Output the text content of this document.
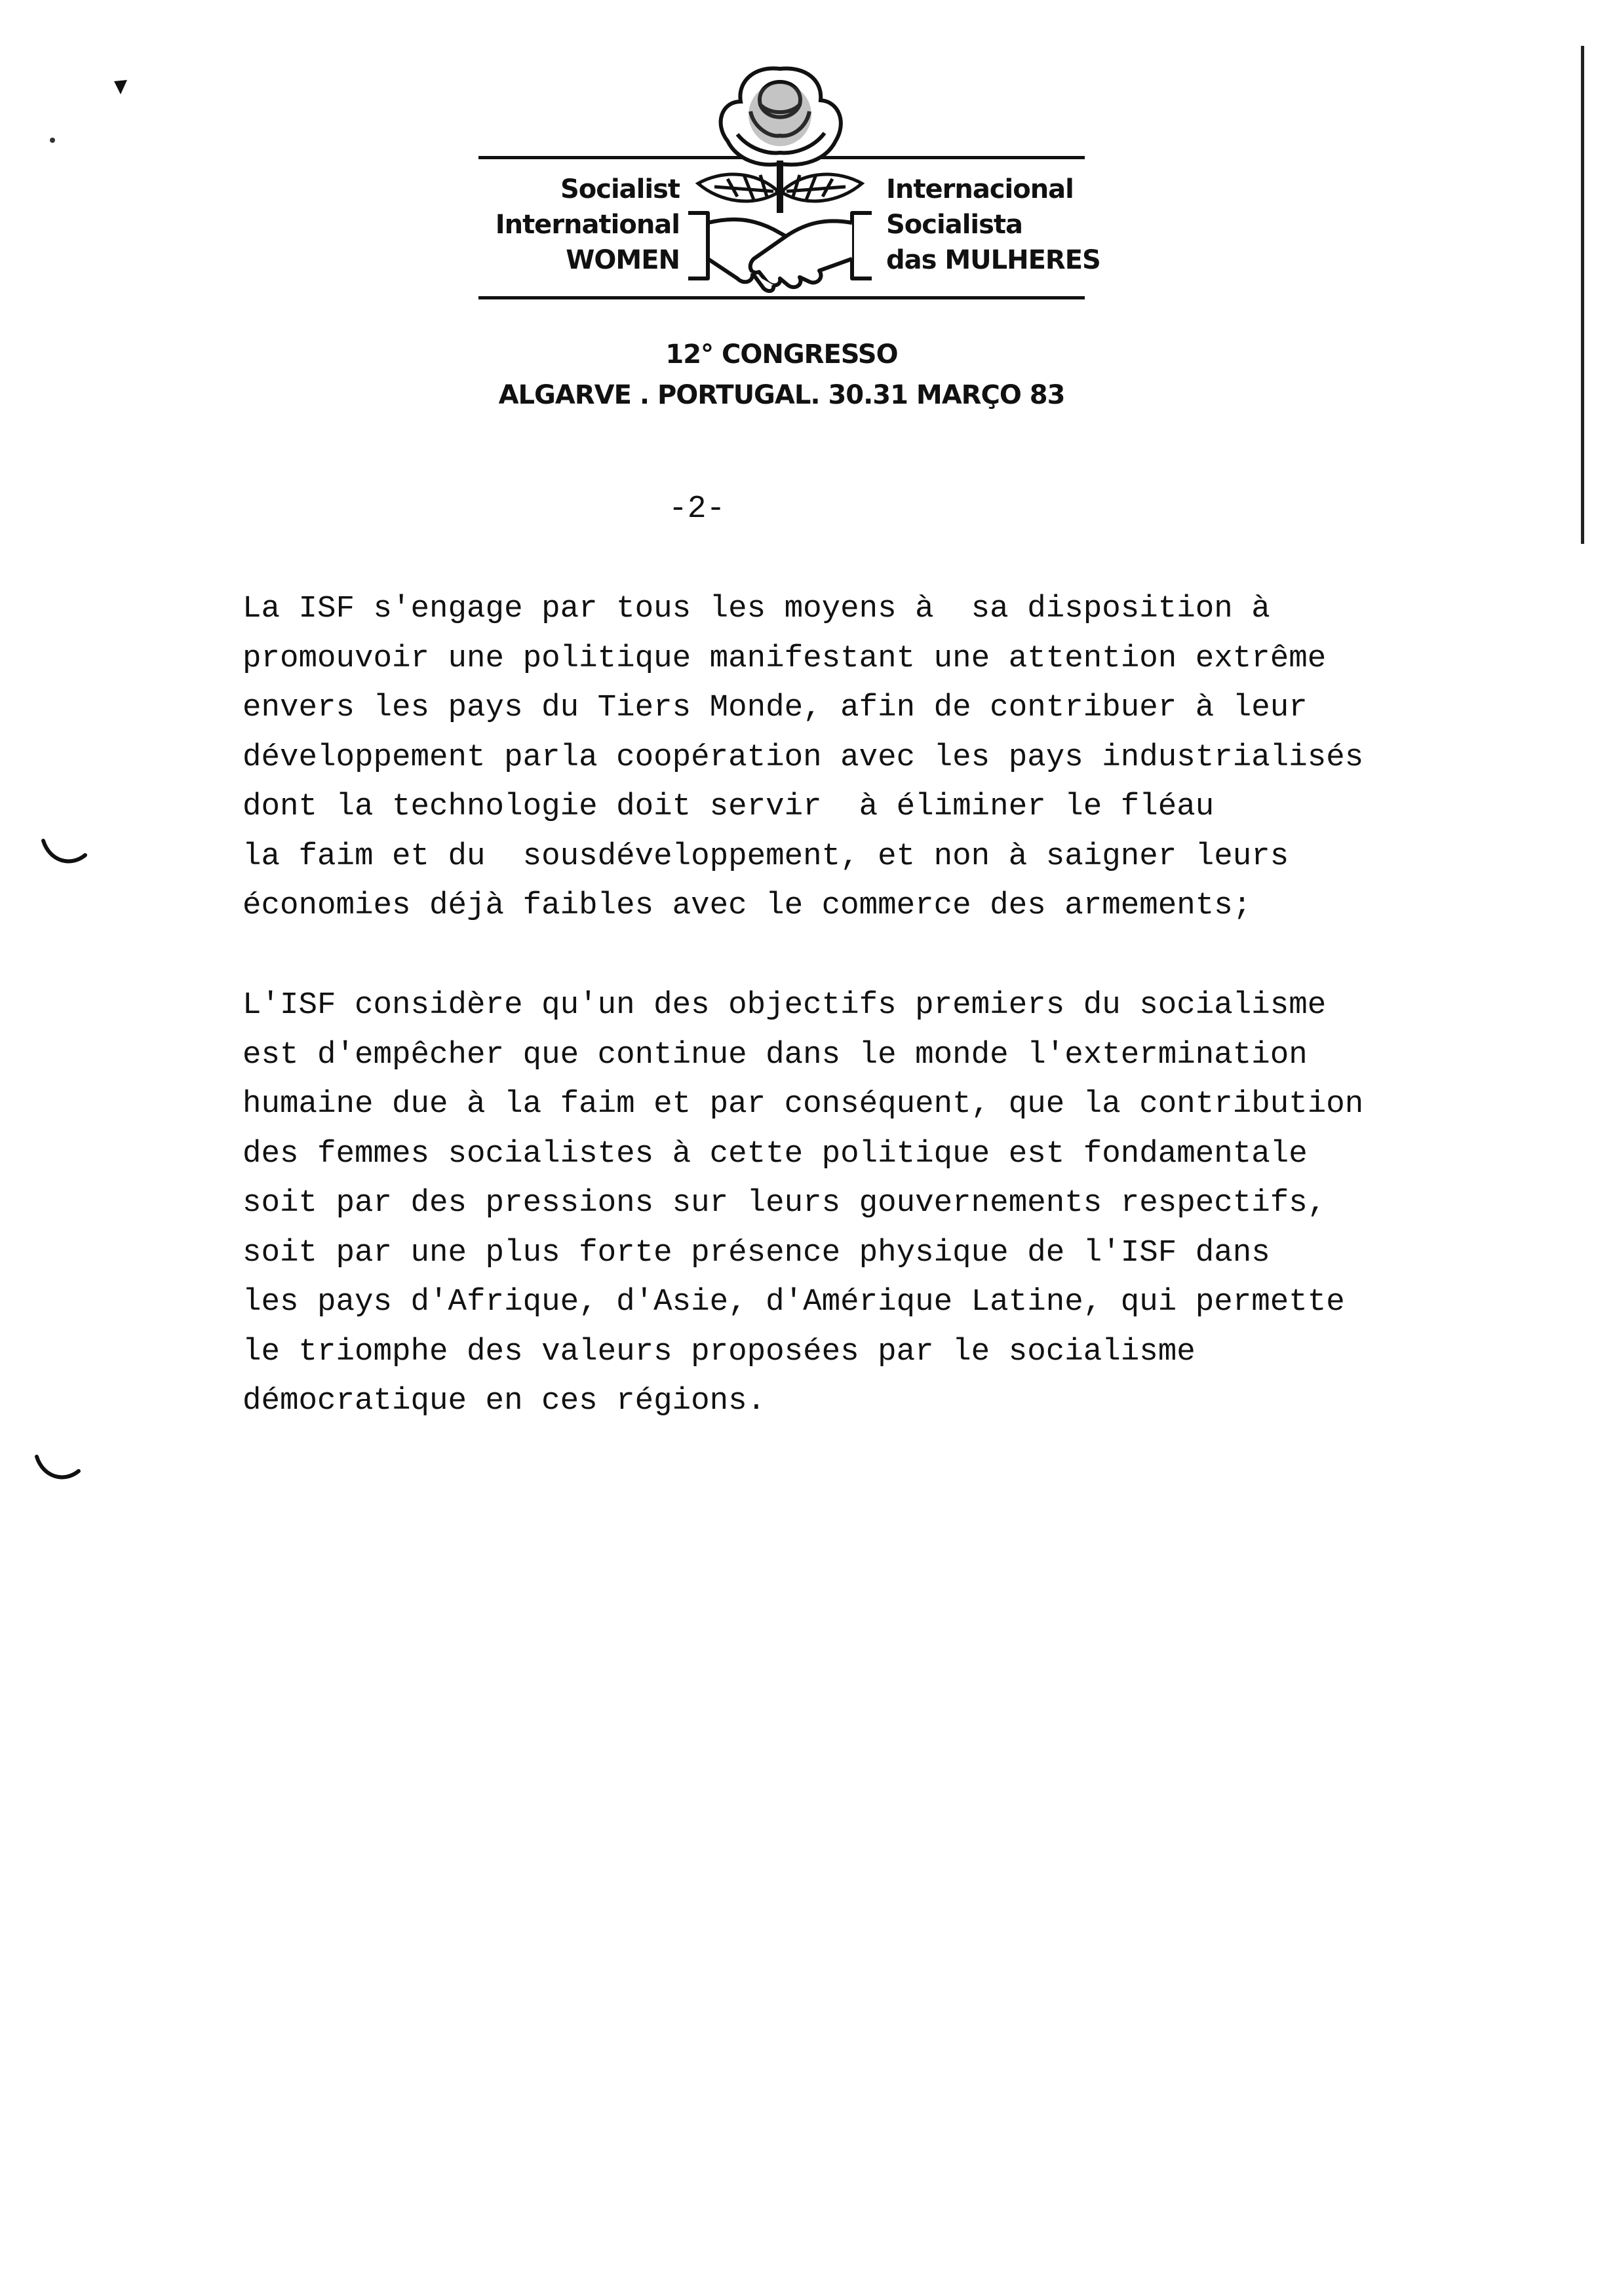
Socialist
International
WOMEN
Internacional
Socialista
das MULHERES
12° CONGRESSO
ALGARVE . PORTUGAL. 30.31 MARÇO 83
-2-
La ISF s'engage par tous les moyens à  sa disposition à
promouvoir une politique manifestant une attention extrême
envers les pays du Tiers Monde, afin de contribuer à leur
développement parla coopération avec les pays industrialisés
dont la technologie doit servir  à éliminer le fléau
la faim et du  sousdéveloppement, et non à saigner leurs
économies déjà faibles avec le commerce des armements;
L'ISF considère qu'un des objectifs premiers du socialisme
est d'empêcher que continue dans le monde l'extermination
humaine due à la faim et par conséquent, que la contribution
des femmes socialistes à cette politique est fondamentale
soit par des pressions sur leurs gouvernements respectifs,
soit par une plus forte présence physique de l'ISF dans
les pays d'Afrique, d'Asie, d'Amérique Latine, qui permette
le triomphe des valeurs proposées par le socialisme
démocratique en ces régions.
